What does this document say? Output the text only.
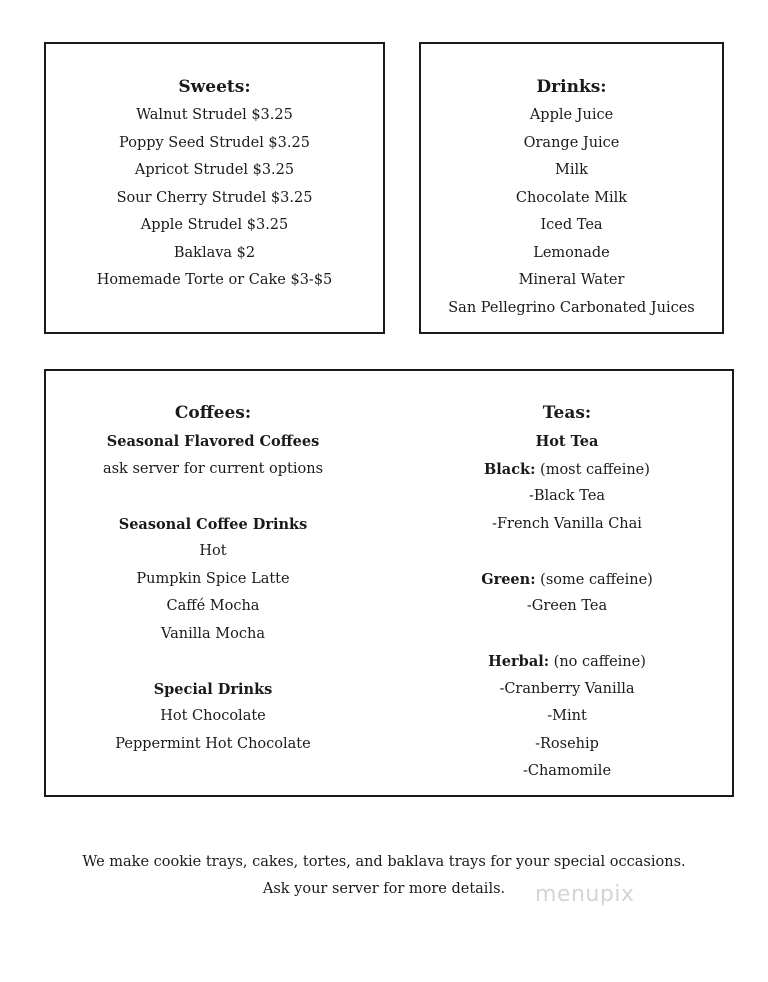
Sweets:
Walnut Strudel $3.25
Poppy Seed Strudel $3.25
Apricot Strudel $3.25
Sour Cherry Strudel $3.25
Apple Strudel $3.25
Baklava $2
Homemade Torte or Cake $3-$5
Drinks:
Apple Juice
Orange Juice
Milk
Chocolate Milk
Iced Tea
Lemonade
Mineral Water
San Pellegrino Carbonated Juices
Coffees:
Seasonal Flavored Coffees
ask server for current options
Seasonal Coffee Drinks
Hot
Pumpkin Spice Latte
Caffé Mocha
Vanilla Mocha
Special Drinks
Hot Chocolate
Peppermint Hot Chocolate
Teas:
Hot Tea
Black: (most caffeine)
-Black Tea
-French Vanilla Chai
Green: (some caffeine)
-Green Tea
Herbal: (no caffeine)
-Cranberry Vanilla
-Mint
-Rosehip
-Chamomile
We make cookie trays, cakes, tortes, and baklava trays for your special occasions.
Ask your server for more details.	menupix
